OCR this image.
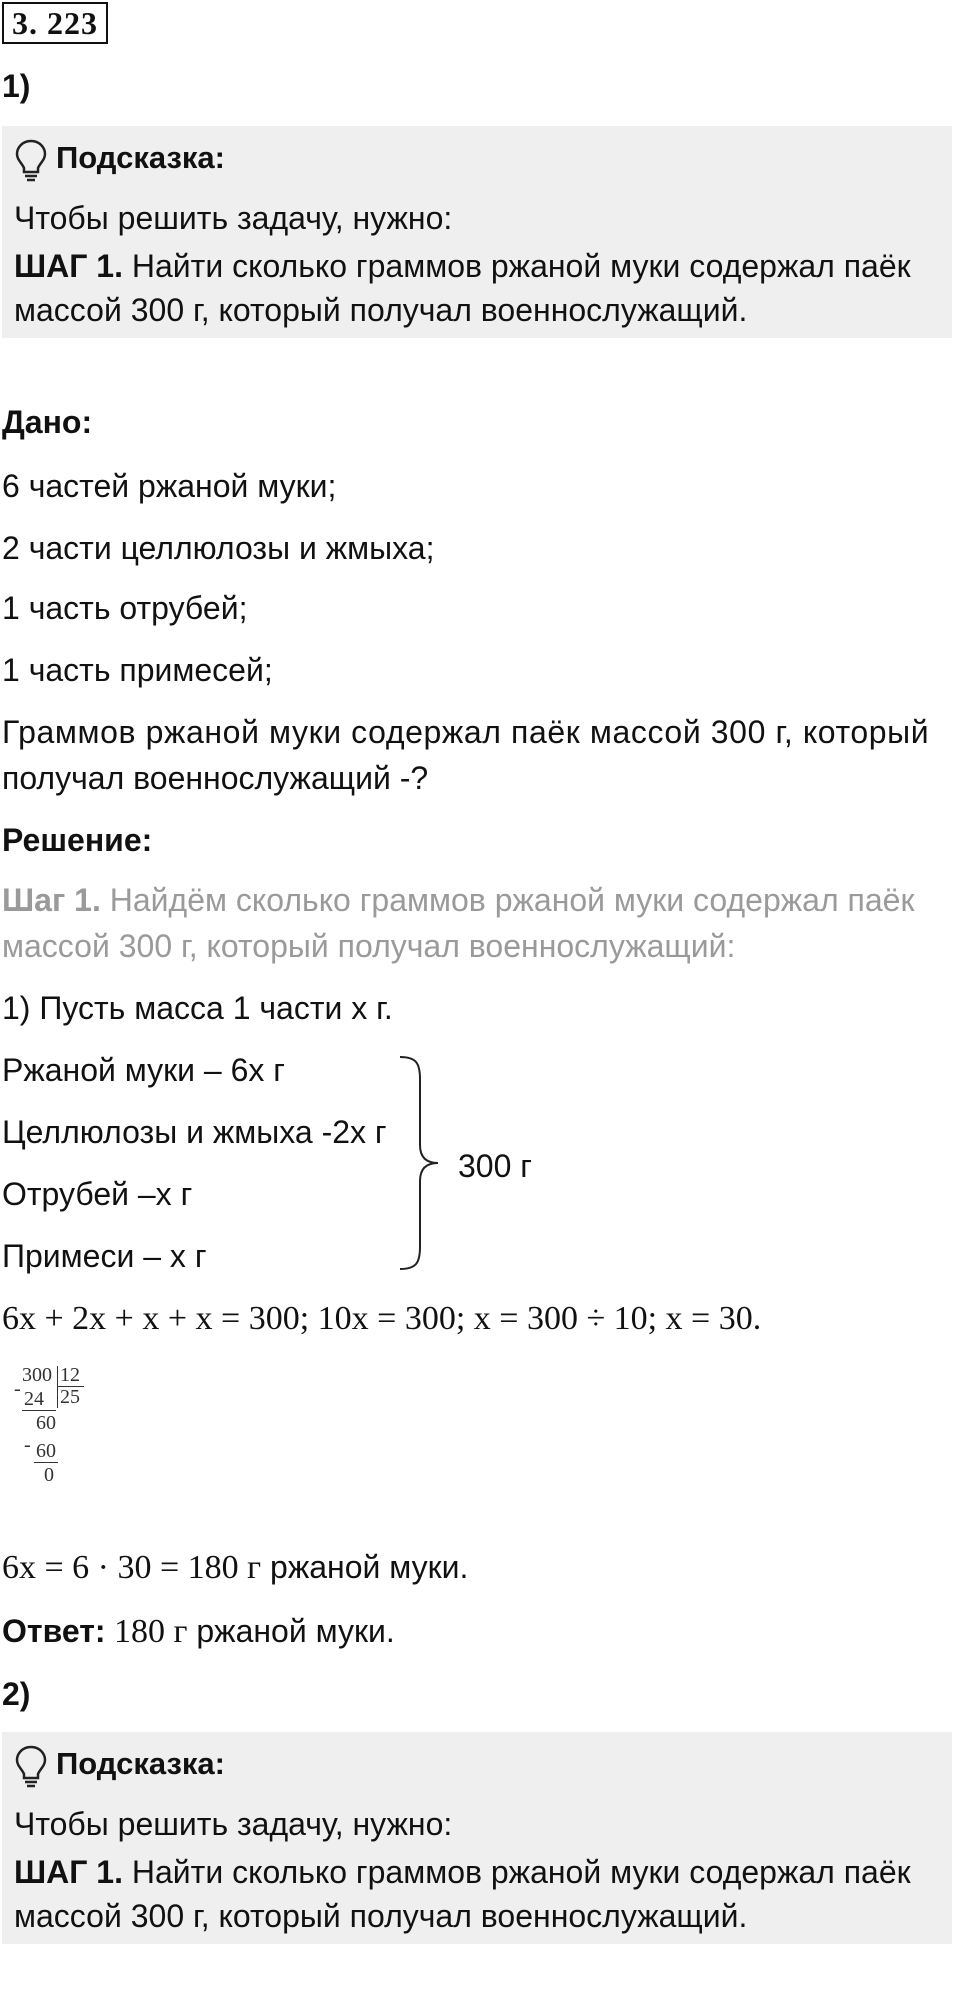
3. 223
1)
Подсказка:
Чтобы решить задачу, нужно:
ШАГ 1. Найти сколько граммов ржаной муки содержал паёк
массой 300 г, который получал военнослужащий.
Дано:
6 частей ржаной муки;
2 части целлюлозы и жмыха;
1 часть отрубей;
1 часть примесей;
Граммов ржаной муки содержал паёк массой 300 г, который
получал военнослужащий -?
Решение:
Шаг 1. Найдём сколько граммов ржаной муки содержал паёк
массой 300 г, который получал военнослужащий:
1) Пусть масса 1 части х г.
Ржаной муки – 6х г
Целлюлозы и жмыха -2х г
Отрубей –х г
Примеси – х г
300 г
6x + 2x + x + x = 300; 10x = 300; x = 300 ÷ 10; x = 30.
-
300 12
25
24
60
- 60
0
6x = 6 · 30 = 180 г ржаной муки.
Ответ: 180 г ржаной муки.
2)
Подсказка:
Чтобы решить задачу, нужно:
ШАГ 1. Найти сколько граммов ржаной муки содержал паёк
массой 300 г, который получал военнослужащий.
